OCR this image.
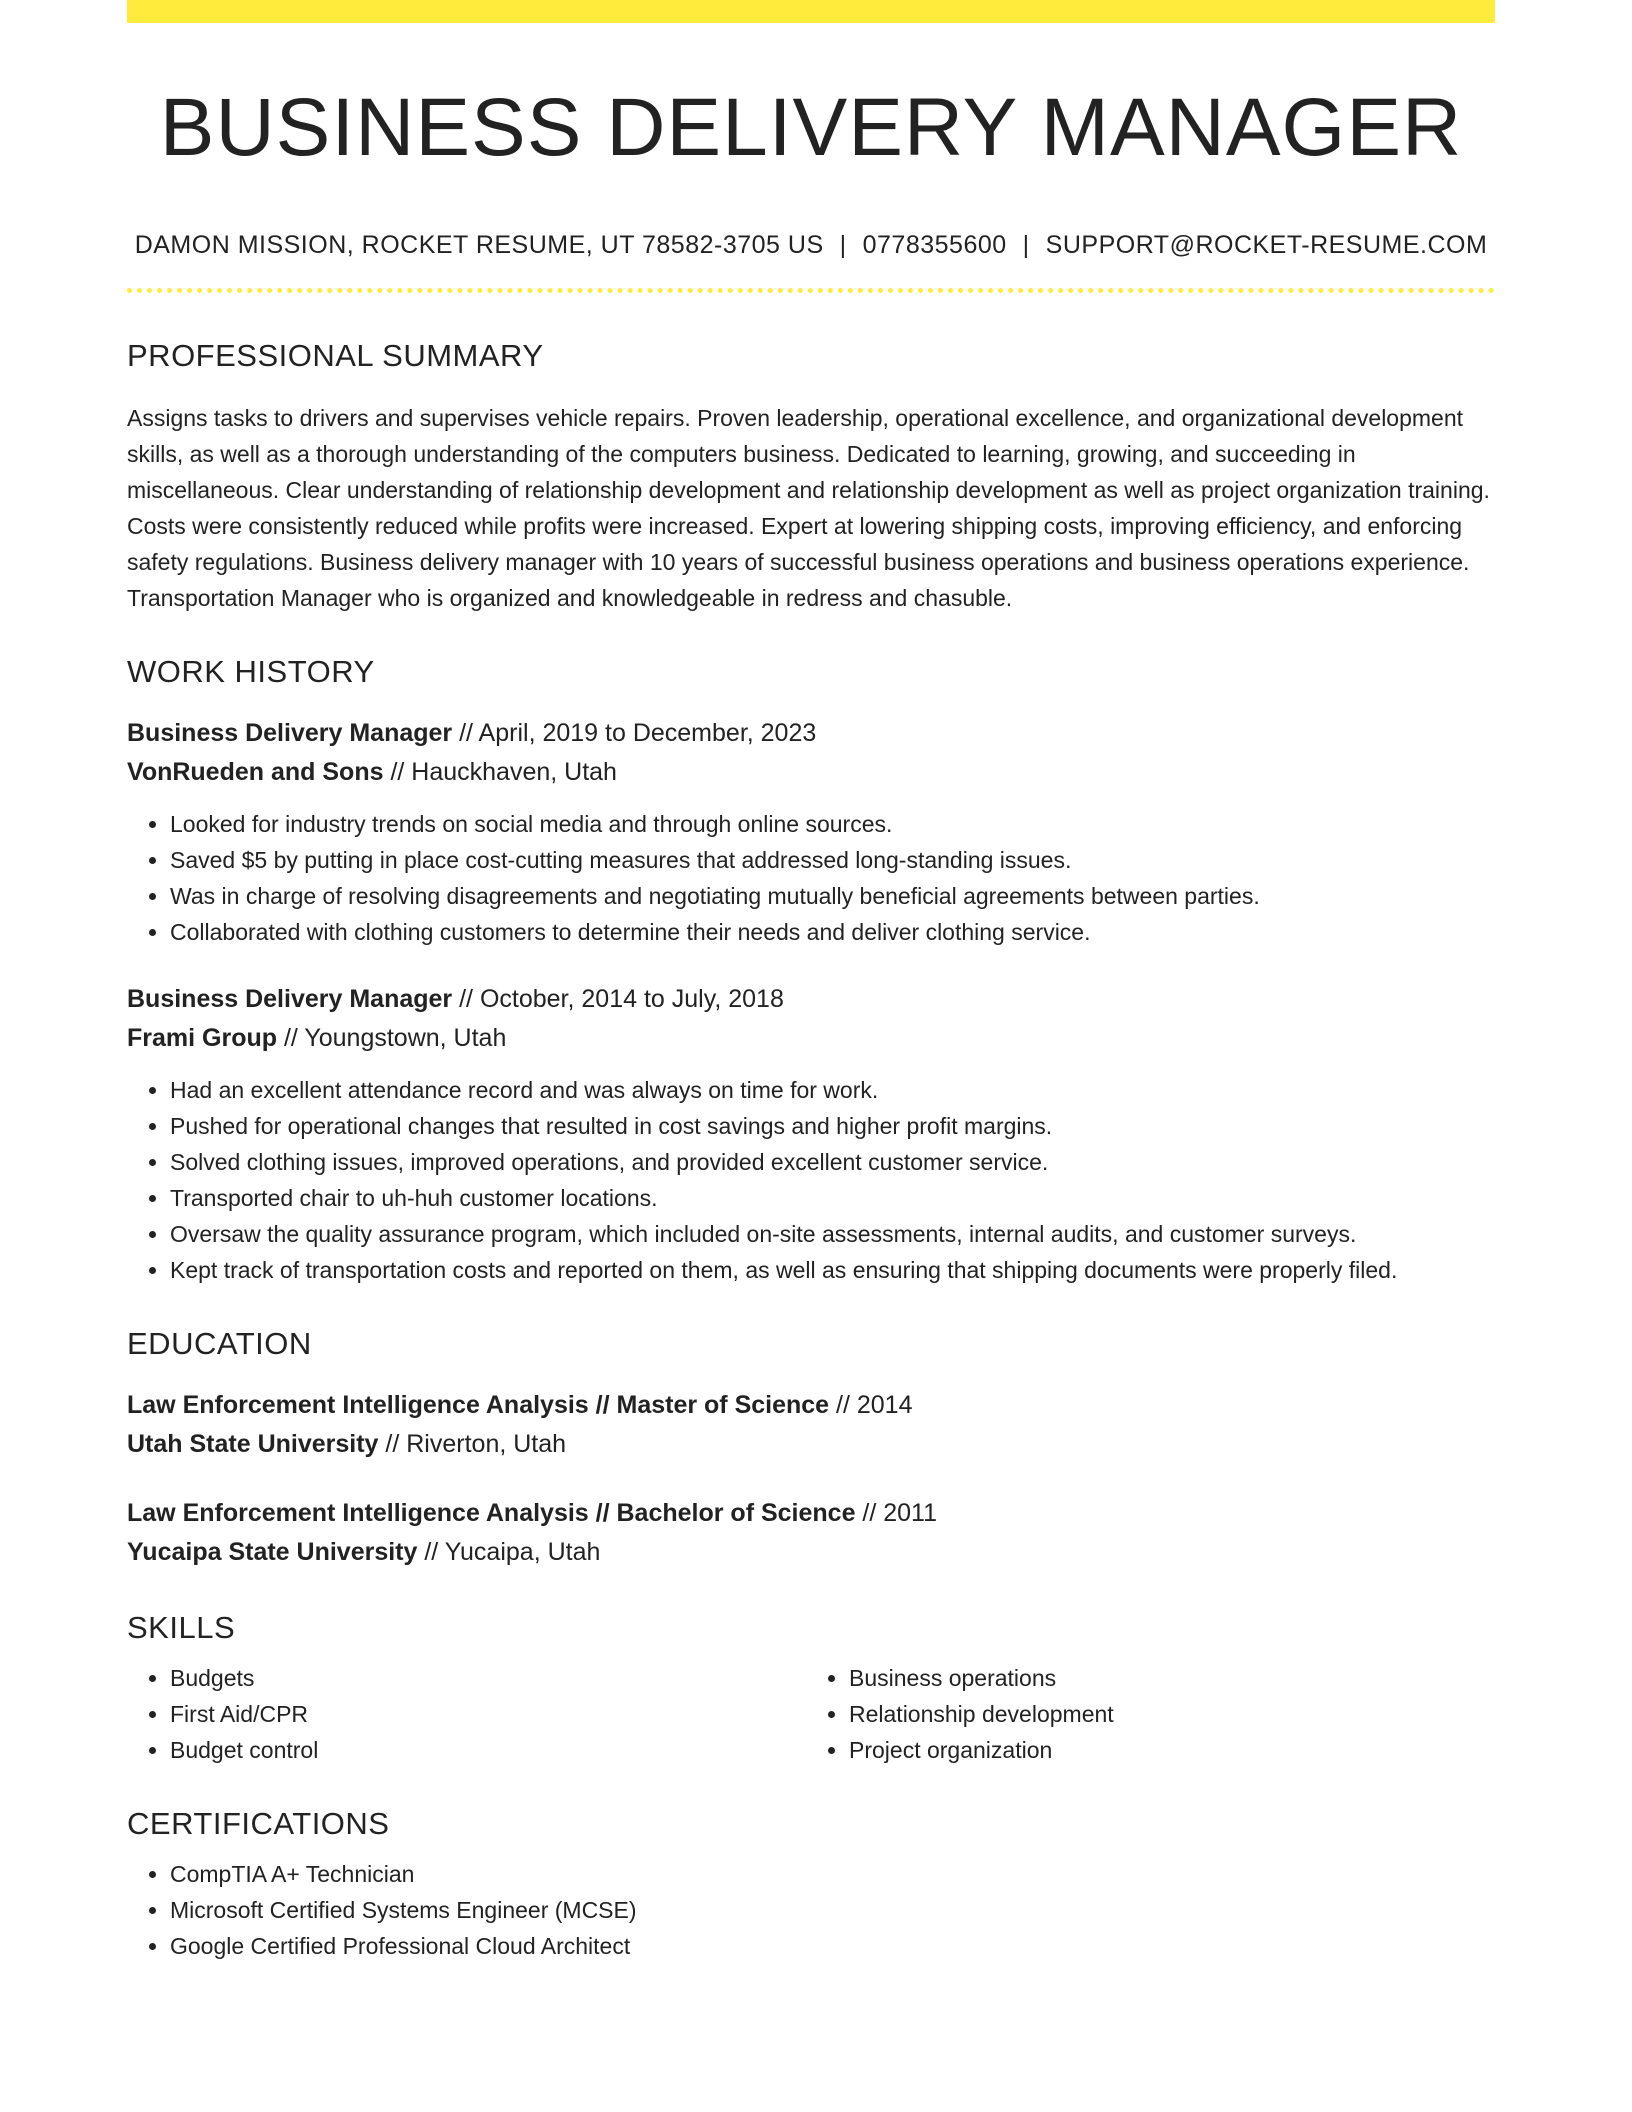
BUSINESS DELIVERY MANAGER
DAMON MISSION, ROCKET RESUME, UT 78582-3705 US | 0778355600 | SUPPORT@ROCKET-RESUME.COM
PROFESSIONAL SUMMARY

Assigns tasks to drivers and supervises vehicle repairs. Proven leadership, operational excellence, and organizational development skills, as well as a thorough understanding of the computers business. Dedicated to learning, growing, and succeeding in miscellaneous. Clear understanding of relationship development and relationship development as well as project organization training. Costs were consistently reduced while profits were increased. Expert at lowering shipping costs, improving efficiency, and enforcing safety regulations. Business delivery manager with 10 years of successful business operations and business operations experience. Transportation Manager who is organized and knowledgeable in redress and chasuble.

WORK HISTORY
Business Delivery Manager // April, 2019 to December, 2023
VonRueden and Sons // Hauckhaven, Utah
• Looked for industry trends on social media and through online sources.
• Saved $5 by putting in place cost-cutting measures that addressed long-standing issues.
• Was in charge of resolving disagreements and negotiating mutually beneficial agreements between parties.
• Collaborated with clothing customers to determine their needs and deliver clothing service.
Business Delivery Manager // October, 2014 to July, 2018
Frami Group // Youngstown, Utah
• Had an excellent attendance record and was always on time for work.
• Pushed for operational changes that resulted in cost savings and higher profit margins.
• Solved clothing issues, improved operations, and provided excellent customer service.
• Transported chair to uh-huh customer locations.
• Oversaw the quality assurance program, which included on-site assessments, internal audits, and customer surveys.
• Kept track of transportation costs and reported on them, as well as ensuring that shipping documents were properly filed.
EDUCATION
Law Enforcement Intelligence Analysis // Master of Science // 2014
Utah State University // Riverton, Utah
Law Enforcement Intelligence Analysis // Bachelor of Science // 2011
Yucaipa State University // Yucaipa, Utah
SKILLS
• Budgets
• First Aid/CPR
• Budget control
• Business operations
• Relationship development
• Project organization
CERTIFICATIONS
• CompTIA A+ Technician
• Microsoft Certified Systems Engineer (MCSE)
• Google Certified Professional Cloud Architect
